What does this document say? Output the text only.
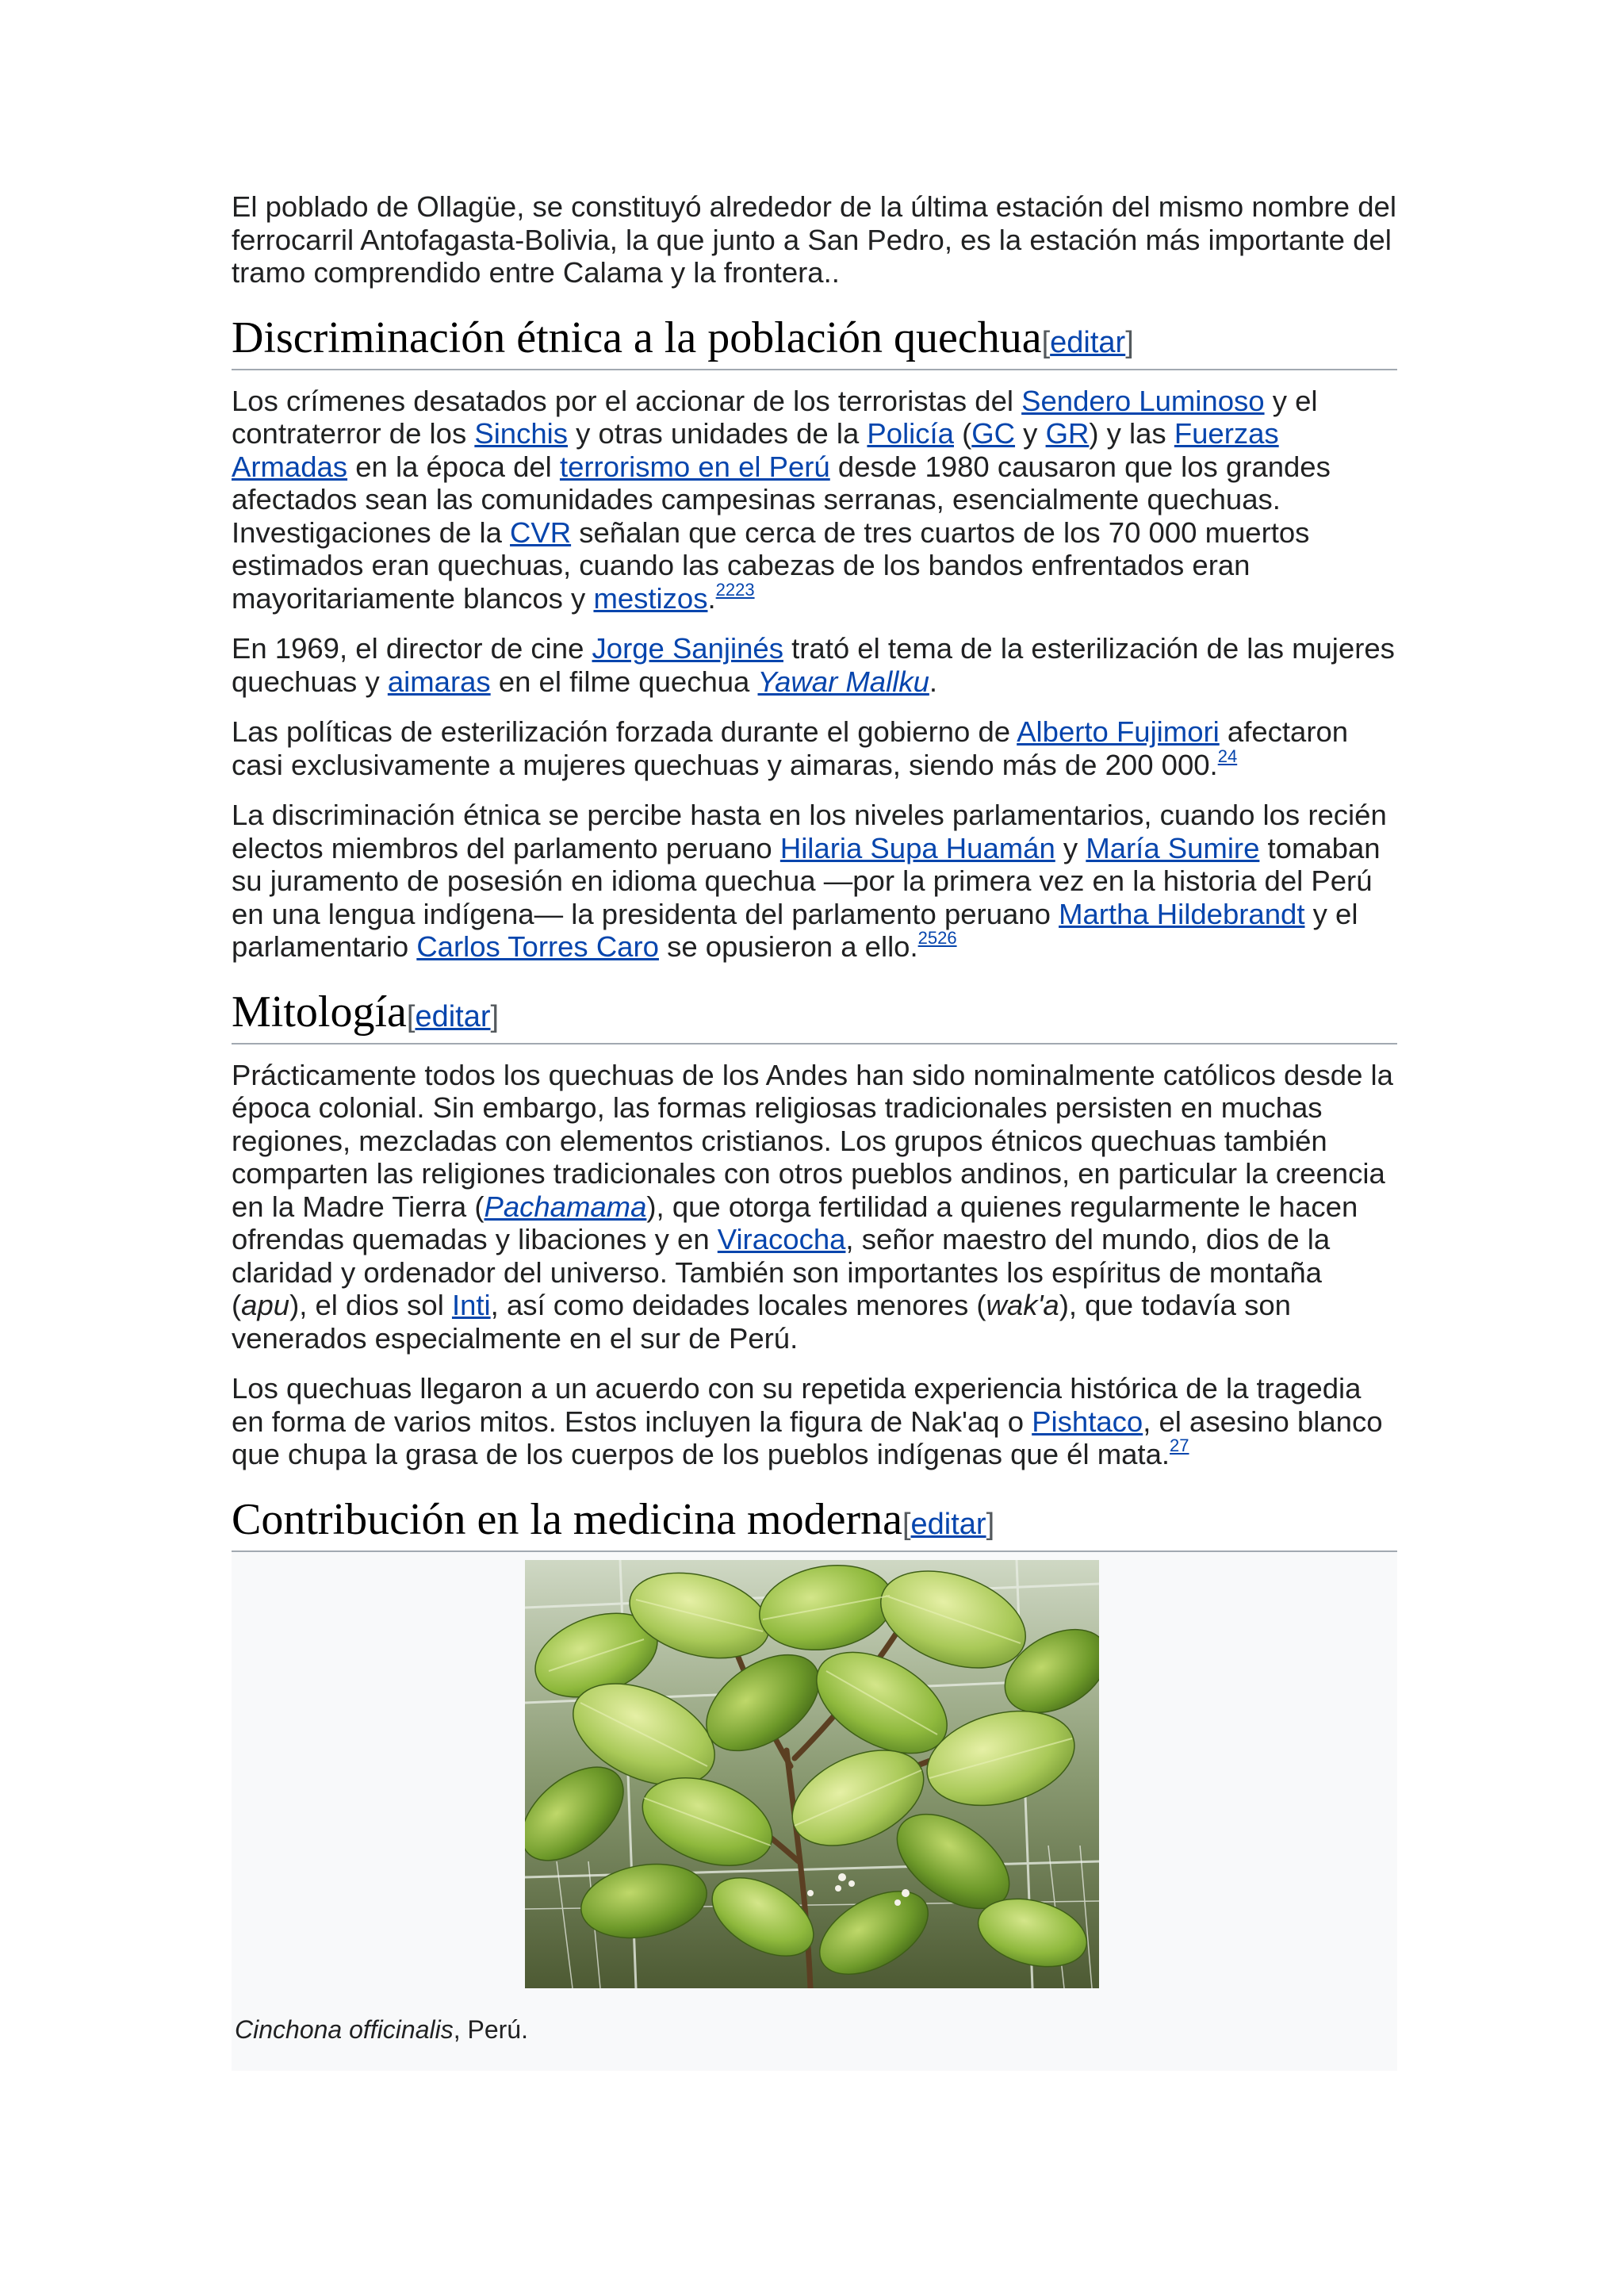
El poblado de Ollagüe, se constituyó alrededor de la última estación del mismo nombre del ferrocarril Antofagasta-Bolivia, la que junto a San Pedro, es la estación más importante del tramo comprendido entre Calama y la frontera..

Discriminación étnica a la población quechua[editar]

Los crímenes desatados por el accionar de los terroristas del Sendero Luminoso y el contraterror de los Sinchis y otras unidades de la Policía (GC y GR) y las Fuerzas Armadas en la época del terrorismo en el Perú desde 1980 causaron que los grandes afectados sean las comunidades campesinas serranas, esencialmente quechuas. Investigaciones de la CVR señalan que cerca de tres cuartos de los 70 000 muertos estimados eran quechuas, cuando las cabezas de los bandos enfrentados eran mayoritariamente blancos y mestizos.$^{2223}$

En 1969, el director de cine Jorge Sanjinés trató el tema de la esterilización de las mujeres quechuas y aimaras en el filme quechua Yawar Mallku.

Las políticas de esterilización forzada durante el gobierno de Alberto Fujimori afectaron casi exclusivamente a mujeres quechuas y aimaras, siendo más de 200 000.24

La discriminación étnica se percibe hasta en los niveles parlamentarios, cuando los recién electos miembros del parlamento peruano Hilaria Supa Huamán y María Sumire tomaban su juramento de posesión en idioma quechua —por la primera vez en la historia del Perú en una lengua indígena— la presidenta del parlamento peruano Martha Hildebrandt y el parlamentario Carlos Torres Caro se opusieron a ello.$^{2526}$

Mitología[editar]

Prácticamente todos los quechuas de los Andes han sido nominalmente católicos desde la época colonial. Sin embargo, las formas religiosas tradicionales persisten en muchas regiones, mezcladas con elementos cristianos. Los grupos étnicos quechuas también comparten las religiones tradicionales con otros pueblos andinos, en particular la creencia en la Madre Tierra (Pachamama), que otorga fertilidad a quienes regularmente le hacen ofrendas quemadas y libaciones y en Viracocha, señor maestro del mundo, dios de la claridad y ordenador del universo. También son importantes los espíritus de montaña (apu), el dios sol Inti, así como deidades locales menores (wak'a), que todavía son venerados especialmente en el sur de Perú.

Los quechuas llegaron a un acuerdo con su repetida experiencia histórica de la tragedia en forma de varios mitos. Estos incluyen la figura de Nak'aq o Pishtaco, el asesino blanco que chupa la grasa de los cuerpos de los pueblos indígenas que él mata.$^{27}$

Contribución en la medicina moderna[editar]
Cinchona officinalis, Perú.
